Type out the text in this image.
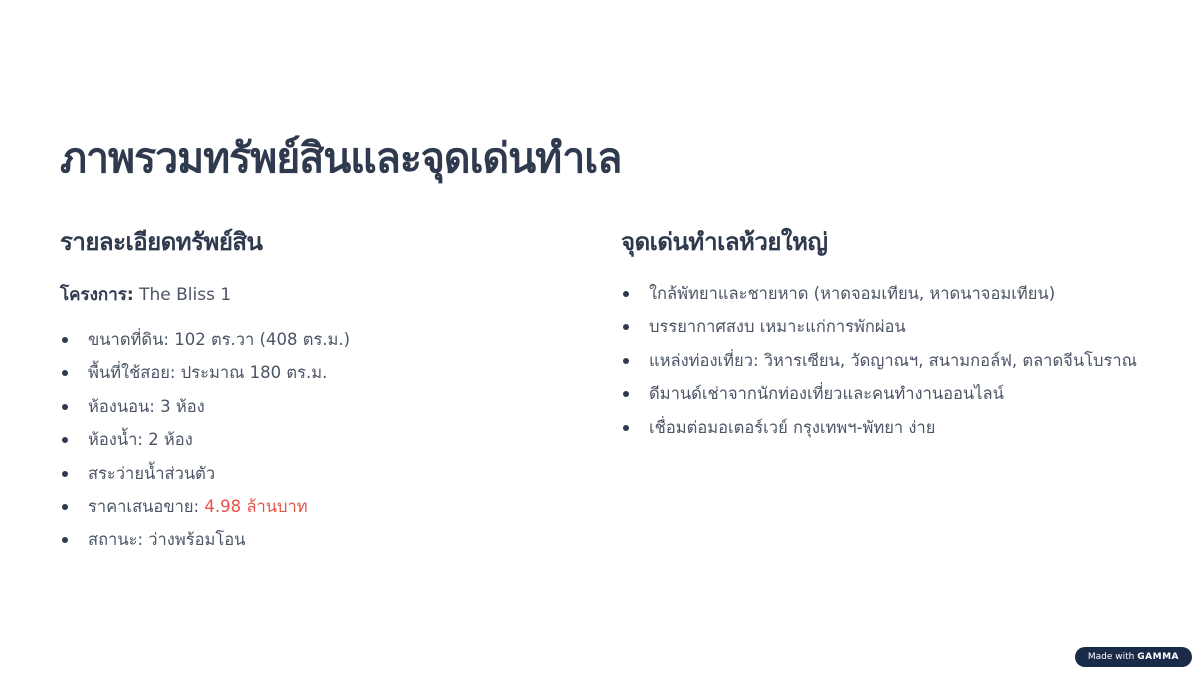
ภาพรวมทรัพย์สินและจุดเด่นทำเล
รายละเอียดทรัพย์สิน

โครงการ: The Bliss 1

ขนาดที่ดิน: 102 ตร.วา (408 ตร.ม.)
พื้นที่ใช้สอย: ประมาณ 180 ตร.ม.
ห้องนอน: 3 ห้อง
ห้องน้ำ: 2 ห้อง
สระว่ายน้ำส่วนตัว
ราคาเสนอขาย: 4.98 ล้านบาท
สถานะ: ว่างพร้อมโอน
จุดเด่นทำเลห้วยใหญ่
ใกล้พัทยาและชายหาด (หาดจอมเทียน, หาดนาจอมเทียน)
บรรยากาศสงบ เหมาะแก่การพักผ่อน
แหล่งท่องเที่ยว: วิหารเซียน, วัดญาณฯ, สนามกอล์ฟ, ตลาดจีนโบราณ
ดีมานด์เช่าจากนักท่องเที่ยวและคนทำงานออนไลน์
เชื่อมต่อมอเตอร์เวย์ กรุงเทพฯ-พัทยา ง่าย
Made with GAMMA
